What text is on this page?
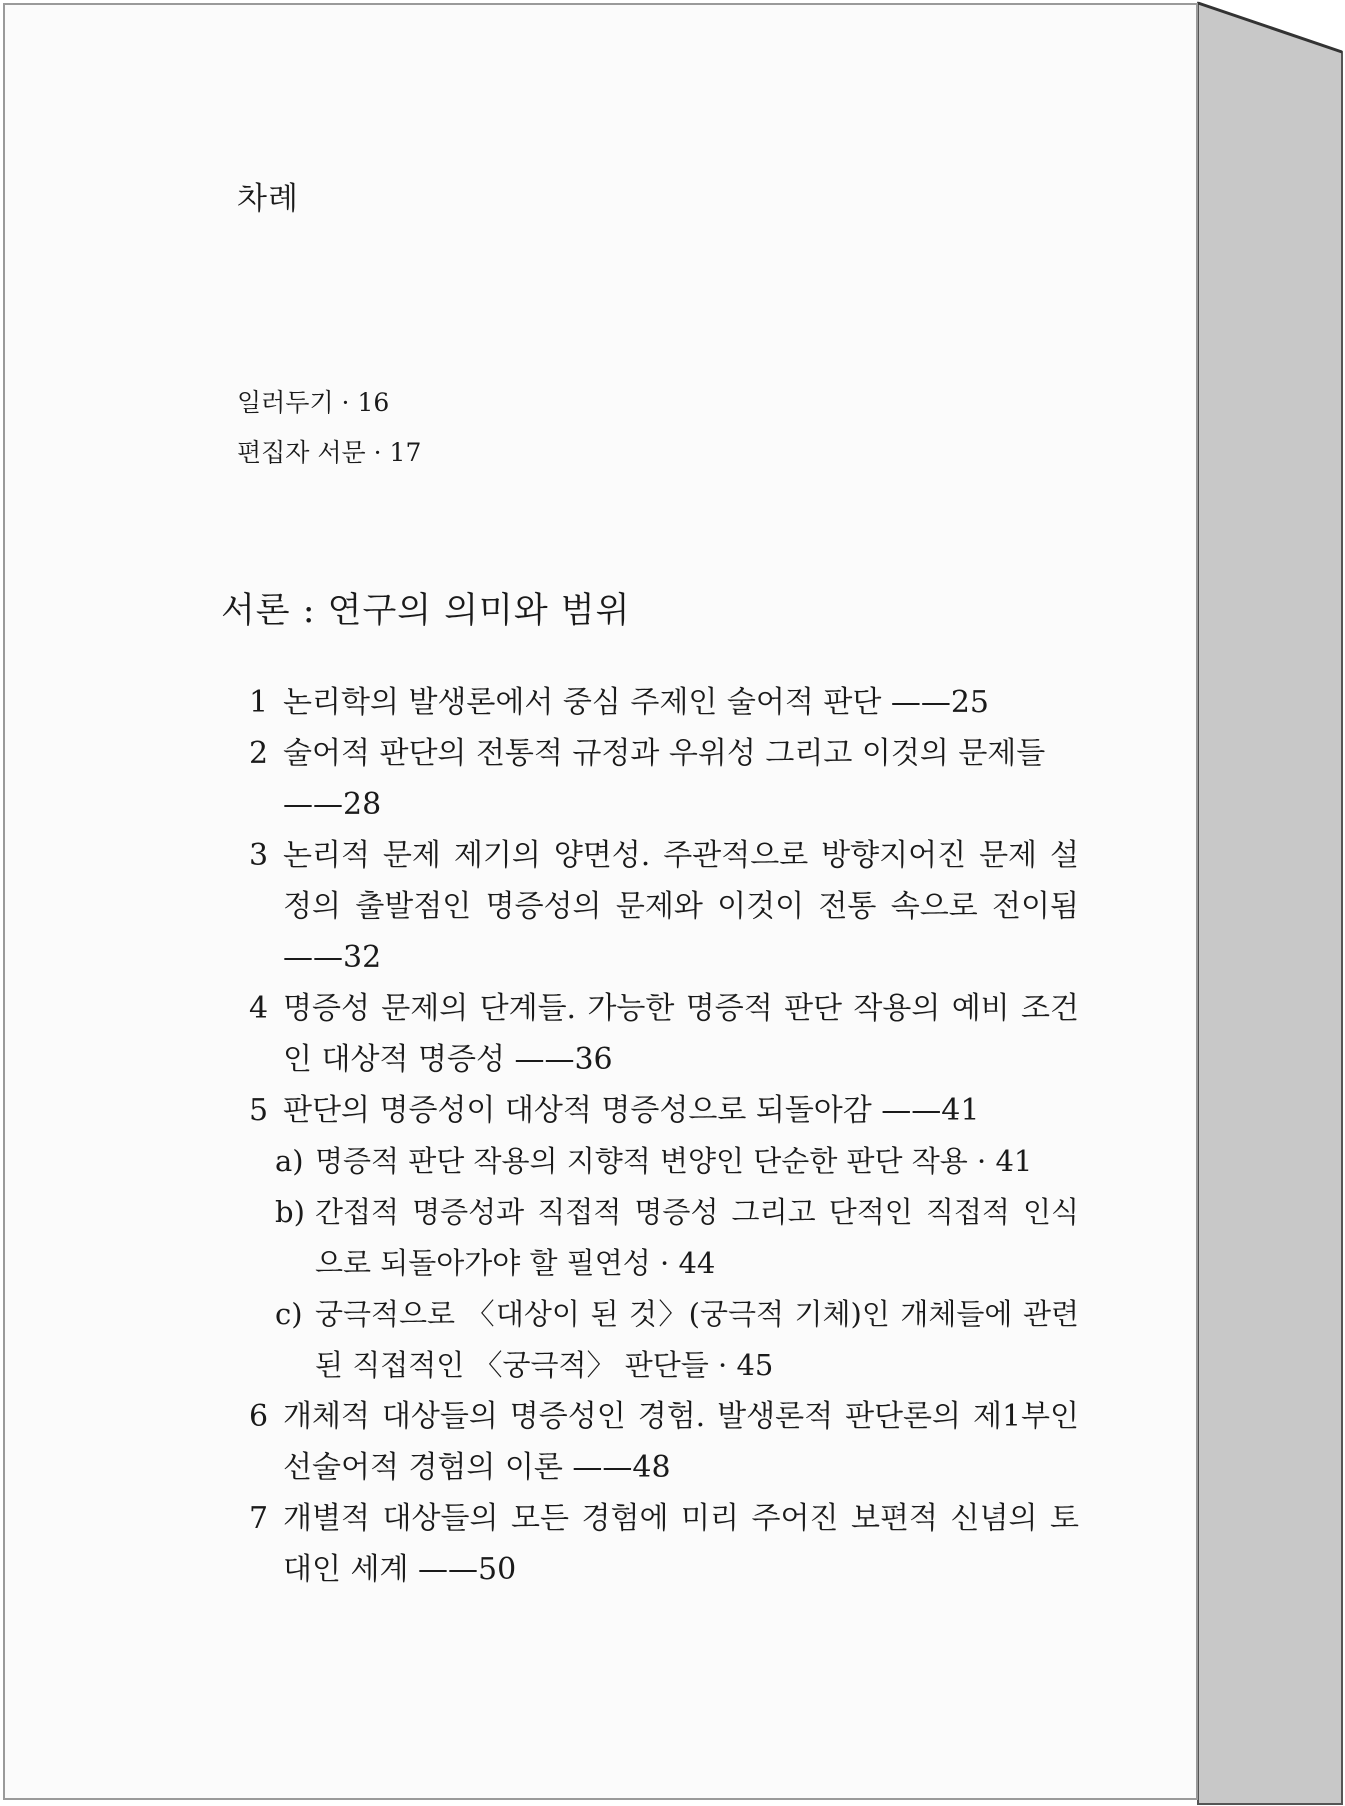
차례
일러두기 · 16
편집자 서문 · 17
서론 : 연구의 의미와 범위
1 논리학의 발생론에서 중심 주제인 술어적 판단 ——25
2 술어적 판단의 전통적 규정과 우위성 그리고 이것의 문제들
——28
3 논리적 문제 제기의 양면성. 주관적으로 방향지어진 문제 설정의 출발점인 명증성의 문제와 이것이 전통 속으로 전이됨 ——32
4 명증성 문제의 단계들. 가능한 명증적 판단 작용의 예비 조건인 대상적 명증성 ——36
5 판단의 명증성이 대상적 명증성으로 되돌아감 ——41
a) 명증적 판단 작용의 지향적 변양인 단순한 판단 작용 · 41
b) 간접적 명증성과 직접적 명증성 그리고 단적인 직접적 인식으로 되돌아가야 할 필연성 · 44
c) 궁극적으로 〈대상이 된 것〉(궁극적 기체)인 개체들에 관련된 직접적인 〈궁극적〉 판단들 · 45
6 개체적 대상들의 명증성인 경험. 발생론적 판단론의 제1부인 선술어적 경험의 이론 ——48
7 개별적 대상들의 모든 경험에 미리 주어진 보편적 신념의 토대인 세계 ——50
